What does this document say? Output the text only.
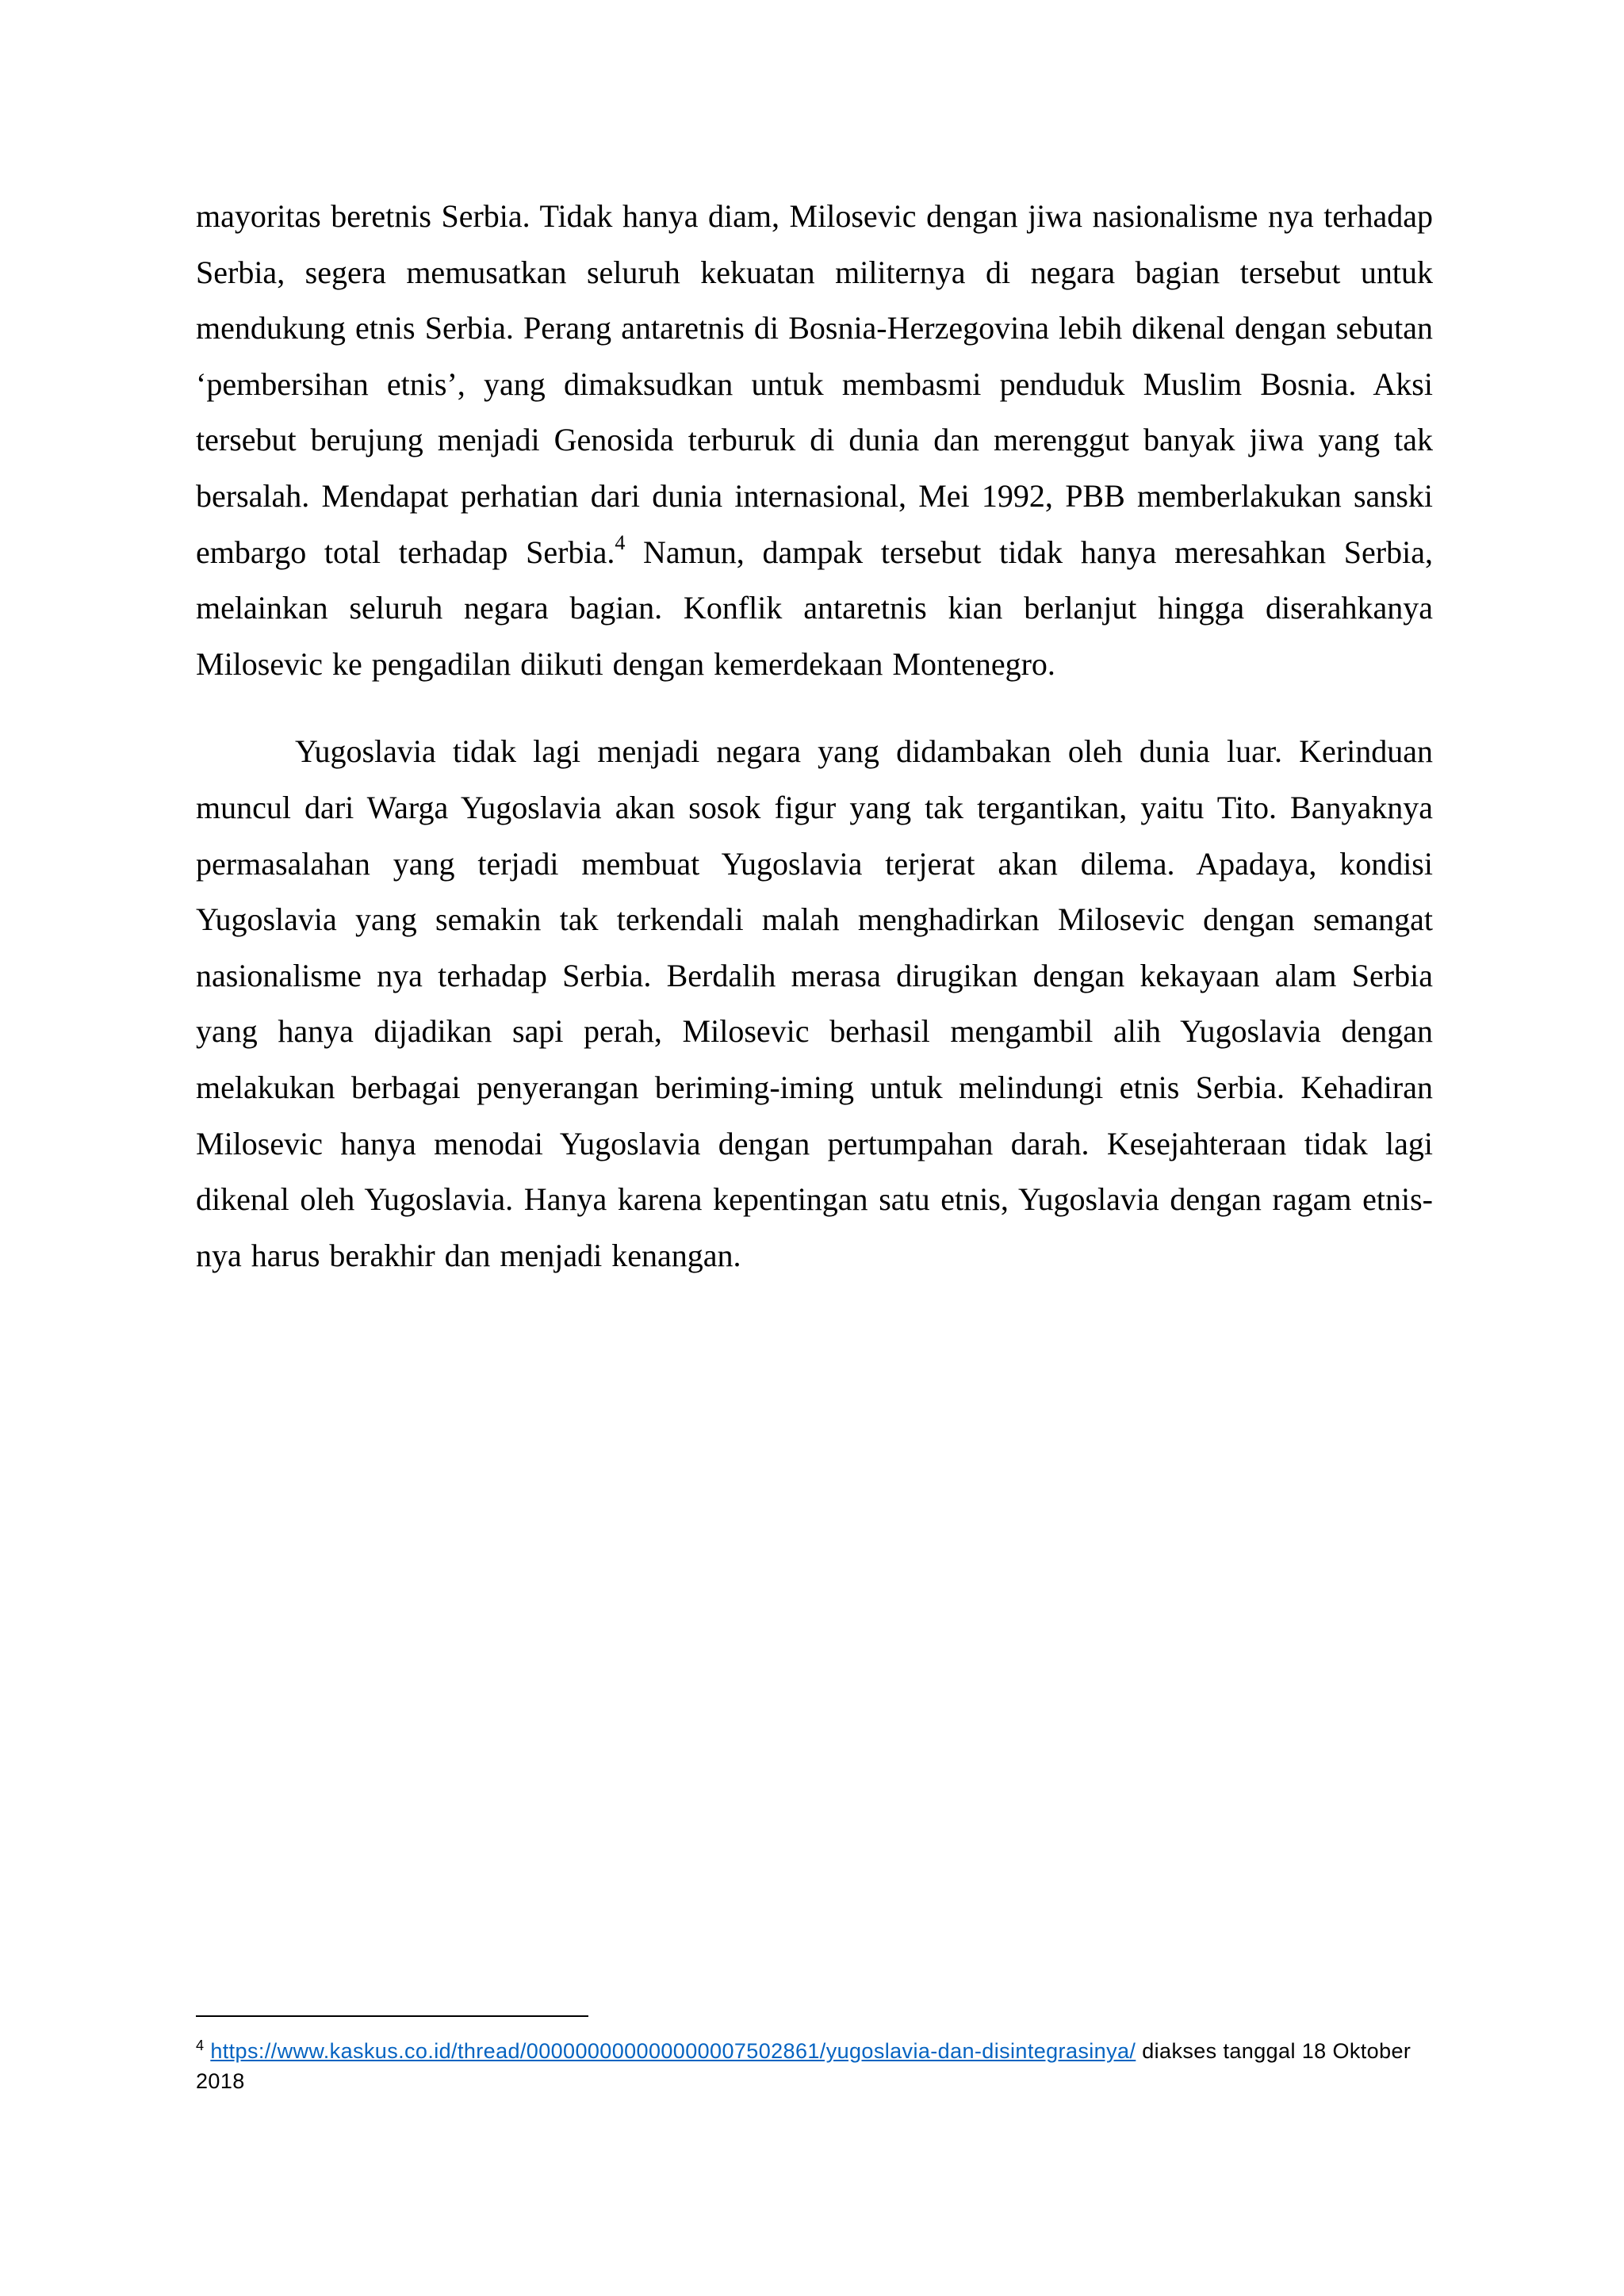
mayoritas beretnis Serbia. Tidak hanya diam, Milosevic dengan jiwa nasionalisme nya terhadap Serbia, segera memusatkan seluruh kekuatan militernya di negara bagian tersebut untuk mendukung etnis Serbia. Perang antaretnis di Bosnia-Herzegovina lebih dikenal dengan sebutan ‘pembersihan etnis’, yang dimaksudkan untuk membasmi penduduk Muslim Bosnia. Aksi tersebut berujung menjadi Genosida terburuk di dunia dan merenggut banyak jiwa yang tak bersalah. Mendapat perhatian dari dunia internasional, Mei 1992, PBB memberlakukan sanski embargo total terhadap Serbia.$^4$ Namun, dampak tersebut tidak hanya meresahkan Serbia, melainkan seluruh negara bagian. Konflik antaretnis kian berlanjut hingga diserahkanya Milosevic ke pengadilan diikuti dengan kemerdekaan Montenegro.

Yugoslavia tidak lagi menjadi negara yang didambakan oleh dunia luar. Kerinduan muncul dari Warga Yugoslavia akan sosok figur yang tak tergantikan, yaitu Tito. Banyaknya permasalahan yang terjadi membuat Yugoslavia terjerat akan dilema. Apadaya, kondisi Yugoslavia yang semakin tak terkendali malah menghadirkan Milosevic dengan semangat nasionalisme nya terhadap Serbia. Berdalih merasa dirugikan dengan kekayaan alam Serbia yang hanya dijadikan sapi perah, Milosevic berhasil mengambil alih Yugoslavia dengan melakukan berbagai penyerangan beriming-iming untuk melindungi etnis Serbia. Kehadiran Milosevic hanya menodai Yugoslavia dengan pertumpahan darah. Kesejahteraan tidak lagi dikenal oleh Yugoslavia. Hanya karena kepentingan satu etnis, Yugoslavia dengan ragam etnis-nya harus berakhir dan menjadi kenangan.

$^4$ https://www.kaskus.co.id/thread/000000000000000007502861/yugoslavia-dan-disintegrasinya/ diakses tanggal 18 Oktober 2018
